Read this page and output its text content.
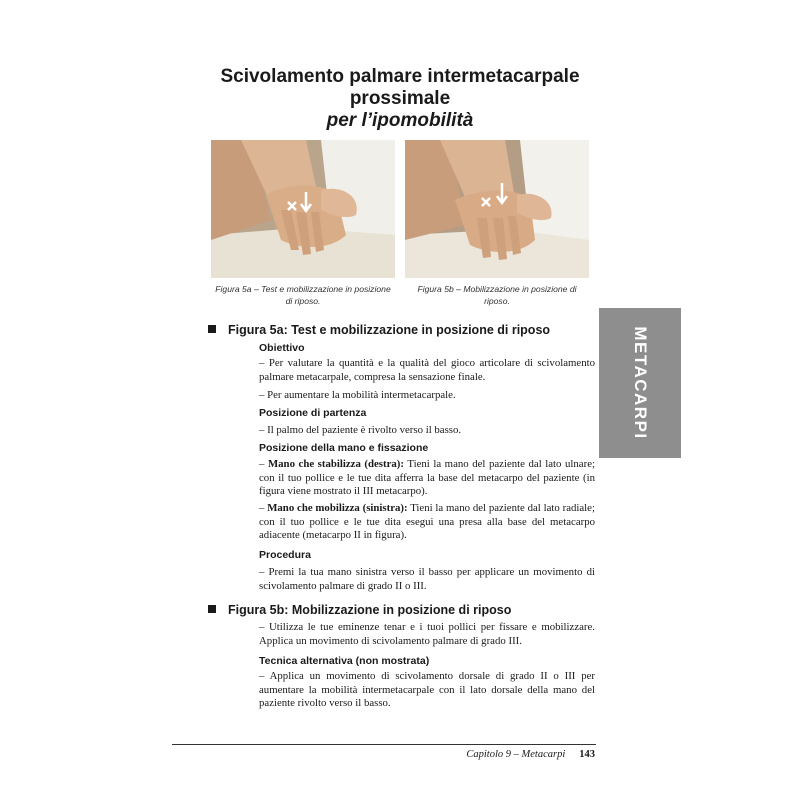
Scivolamento palmare intermetacarpale
prossimale
per l’ipomobilità
Figura 5a – Test e mobilizzazione in posizione di riposo.
Figura 5b – Mobilizzazione in posizione di riposo.
METACARPI
Figura 5a: Test e mobilizzazione in posizione di riposo
Obiettivo
– Per valutare la quantità e la qualità del gioco articolare di scivolamento palmare metacarpale, compresa la sensazione finale.
– Per aumentare la mobilità intermetacarpale.
Posizione di partenza
– Il palmo del paziente è rivolto verso il basso.
Posizione della mano e fissazione
– Mano che stabilizza (destra): Tieni la mano del paziente dal lato ulnare; con il tuo pollice e le tue dita afferra la base del metacarpo del paziente (in figura viene mostrato il III metacarpo).
– Mano che mobilizza (sinistra): Tieni la mano del paziente dal lato radiale; con il tuo pollice e le tue dita esegui una presa alla base del metacarpo adiacente (metacarpo II in figura).
Procedura
– Premi la tua mano sinistra verso il basso per applicare un movimento di scivolamento palmare di grado II o III.
Figura 5b: Mobilizzazione in posizione di riposo
– Utilizza le tue eminenze tenar e i tuoi pollici per fissare e mobilizzare. Applica un movimento di scivolamento palmare di grado III.
Tecnica alternativa (non mostrata)
– Applica un movimento di scivolamento dorsale di grado II o III per aumentare la mobilità intermetacarpale con il lato dorsale della mano del paziente rivolto verso il basso.
Capitolo 9 – Metacarpi 143
